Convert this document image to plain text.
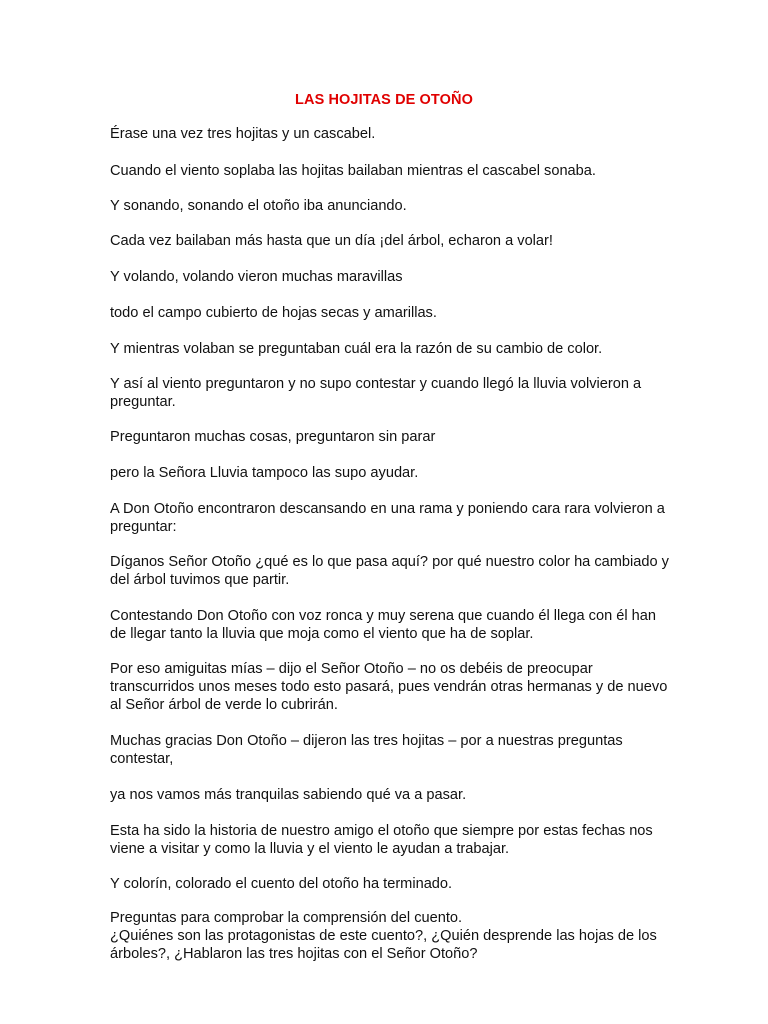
LAS HOJITAS DE OTOÑO

Érase una vez tres hojitas y un cascabel.

Cuando el viento soplaba las hojitas bailaban mientras el cascabel sonaba.

Y sonando, sonando el otoño iba anunciando.

Cada vez bailaban más hasta que un día ¡del árbol, echaron a volar!

Y volando, volando vieron muchas maravillas

todo el campo cubierto de hojas secas y amarillas.

Y mientras volaban se preguntaban cuál era la razón de su cambio de color.

Y así al viento preguntaron y no supo contestar y cuando llegó la lluvia volvieron a preguntar.

Preguntaron muchas cosas, preguntaron sin parar

pero la Señora Lluvia tampoco las supo ayudar.

A Don Otoño encontraron descansando en una rama y poniendo cara rara volvieron a preguntar:

Díganos Señor Otoño ¿qué es lo que pasa aquí? por qué nuestro color ha cambiado y del árbol tuvimos que partir.

Contestando Don Otoño con voz ronca y muy serena que cuando él llega con él han de llegar tanto la lluvia que moja como el viento que ha de soplar.

Por eso amiguitas mías – dijo el Señor Otoño – no os debéis de preocupar transcurridos unos meses todo esto pasará, pues vendrán otras hermanas y de nuevo al Señor árbol de verde lo cubrirán.

Muchas gracias Don Otoño – dijeron las tres hojitas – por a nuestras preguntas contestar,

ya nos vamos más tranquilas sabiendo qué va a pasar.

Esta ha sido la historia de nuestro amigo el otoño que siempre por estas fechas nos viene a visitar y como la lluvia y el viento le ayudan a trabajar.

Y colorín, colorado el cuento del otoño ha terminado.

Preguntas para comprobar la comprensión del cuento.

¿Quiénes son las protagonistas de este cuento?, ¿Quién desprende las hojas de los árboles?, ¿Hablaron las tres hojitas con el Señor Otoño?
